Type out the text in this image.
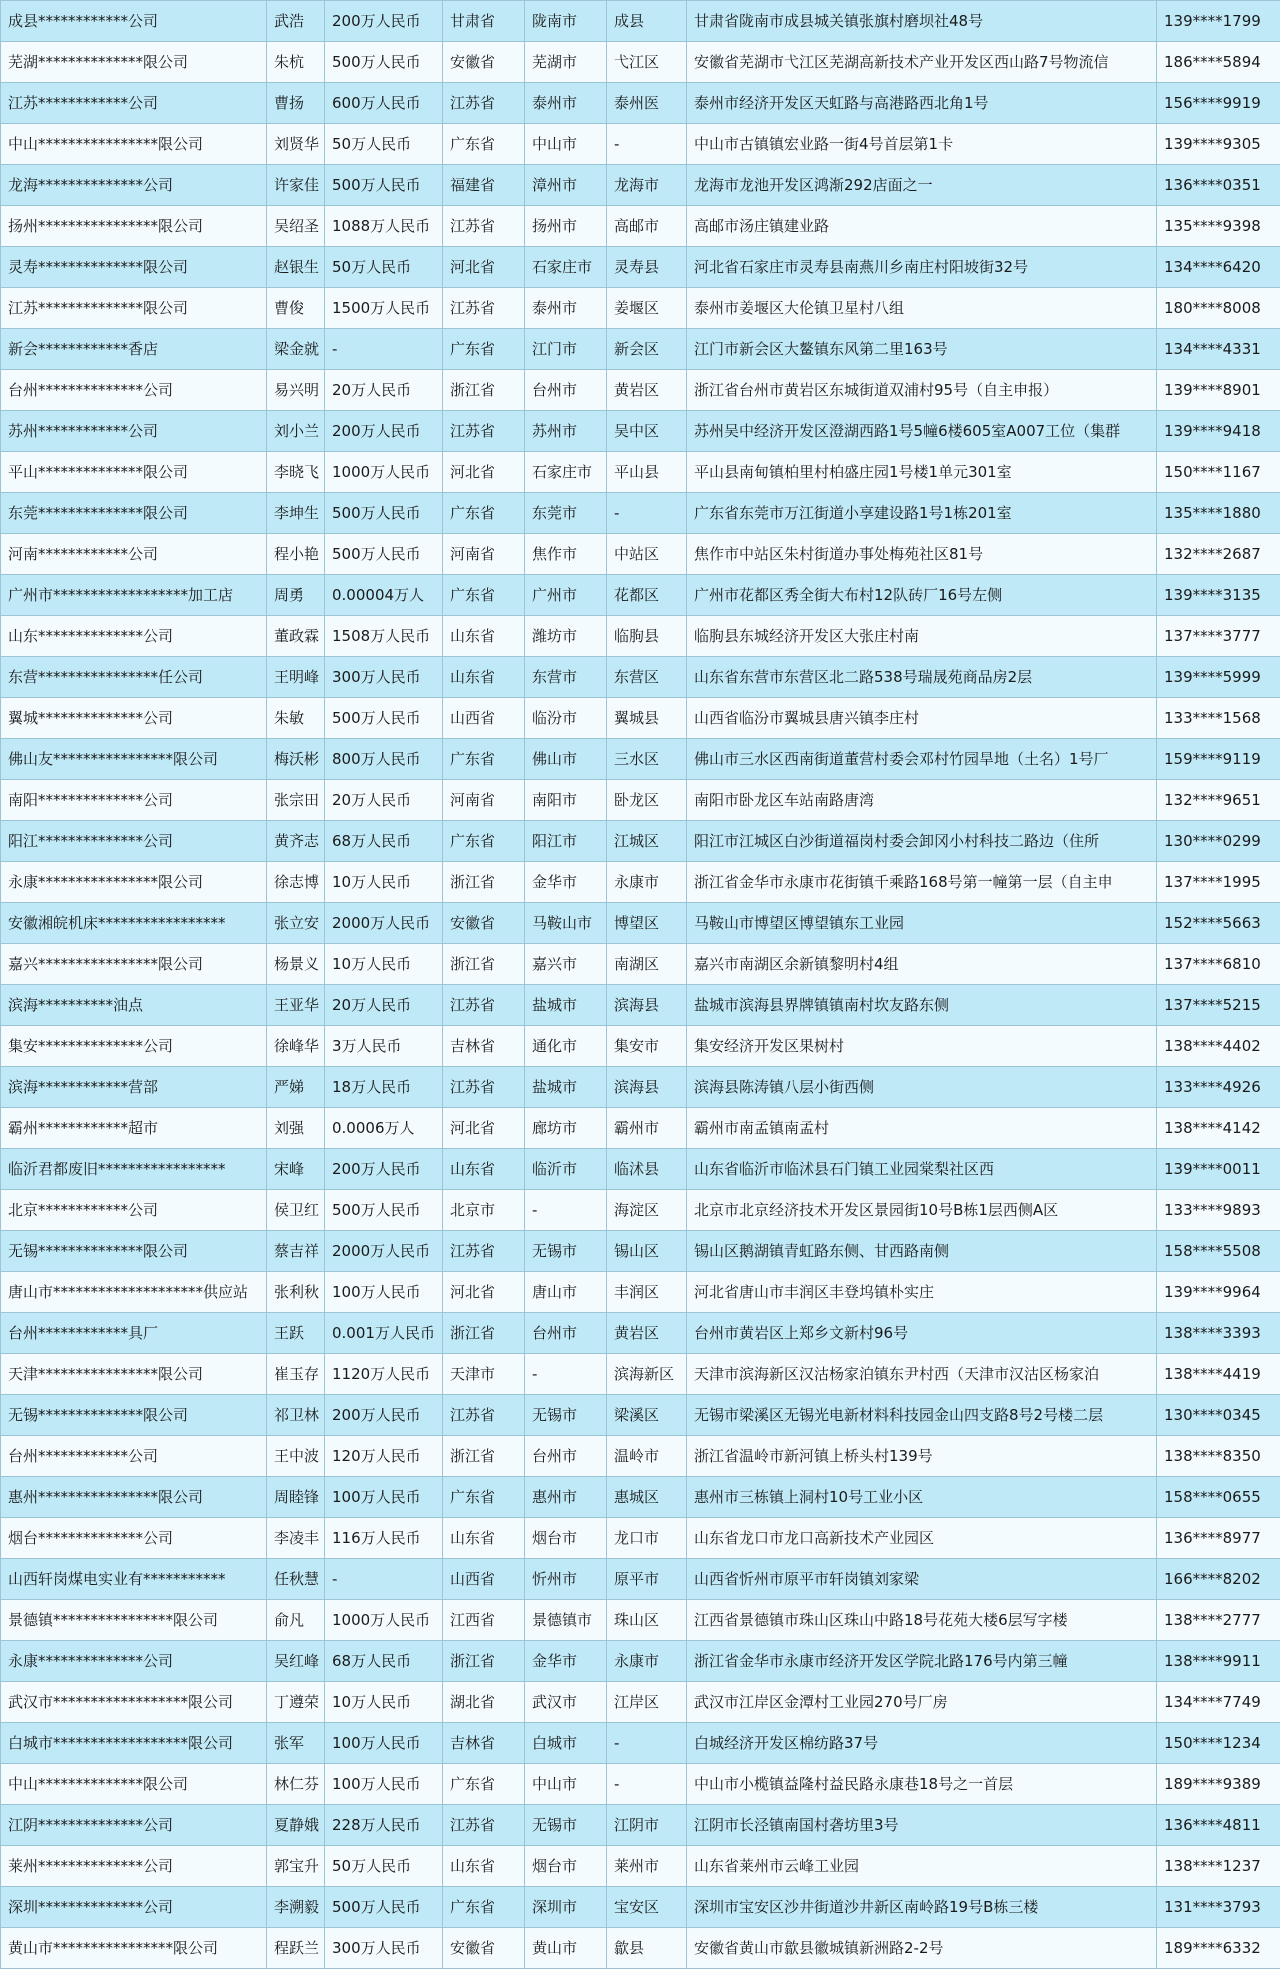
成县************公司	武浩	200万人民币	甘肃省	陇南市	成县	甘肃省陇南市成县城关镇张旗村磨坝社48号	139****1799
芜湖**************限公司	朱杭	500万人民币	安徽省	芜湖市	弋江区	安徽省芜湖市弋江区芜湖高新技术产业开发区西山路7号物流信	186****5894
江苏************公司	曹扬	600万人民币	江苏省	泰州市	泰州医	泰州市经济开发区天虹路与高港路西北角1号	156****9919
中山****************限公司	刘贤华	50万人民币	广东省	中山市	-	中山市古镇镇宏业路一街4号首层第1卡	139****9305
龙海**************公司	许家佳	500万人民币	福建省	漳州市	龙海市	龙海市龙池开发区鸿渐292店面之一	136****0351
扬州****************限公司	吴绍圣	1088万人民币	江苏省	扬州市	高邮市	高邮市汤庄镇建业路	135****9398
灵寿**************限公司	赵银生	50万人民币	河北省	石家庄市	灵寿县	河北省石家庄市灵寿县南燕川乡南庄村阳坡街32号	134****6420
江苏**************限公司	曹俊	1500万人民币	江苏省	泰州市	姜堰区	泰州市姜堰区大伦镇卫星村八组	180****8008
新会************香店	梁金就	-	广东省	江门市	新会区	江门市新会区大鳌镇东风第二里163号	134****4331
台州**************公司	易兴明	20万人民币	浙江省	台州市	黄岩区	浙江省台州市黄岩区东城街道双浦村95号（自主申报）	139****8901
苏州************公司	刘小兰	200万人民币	江苏省	苏州市	吴中区	苏州吴中经济开发区澄湖西路1号5幢6楼605室A007工位（集群	139****9418
平山**************限公司	李晓飞	1000万人民币	河北省	石家庄市	平山县	平山县南甸镇柏里村柏盛庄园1号楼1单元301室	150****1167
东莞**************限公司	李坤生	500万人民币	广东省	东莞市	-	广东省东莞市万江街道小享建设路1号1栋201室	135****1880
河南************公司	程小艳	500万人民币	河南省	焦作市	中站区	焦作市中站区朱村街道办事处梅苑社区81号	132****2687
广州市******************加工店	周勇	0.00004万人	广东省	广州市	花都区	广州市花都区秀全街大布村12队砖厂16号左侧	139****3135
山东**************公司	董政霖	1508万人民币	山东省	潍坊市	临朐县	临朐县东城经济开发区大张庄村南	137****3777
东营****************任公司	王明峰	300万人民币	山东省	东营市	东营区	山东省东营市东营区北二路538号瑞晟苑商品房2层	139****5999
翼城**************公司	朱敏	500万人民币	山西省	临汾市	翼城县	山西省临汾市翼城县唐兴镇李庄村	133****1568
佛山友****************限公司	梅沃彬	800万人民币	广东省	佛山市	三水区	佛山市三水区西南街道董营村委会邓村竹园旱地（土名）1号厂	159****9119
南阳**************公司	张宗田	20万人民币	河南省	南阳市	卧龙区	南阳市卧龙区车站南路唐湾	132****9651
阳江**************公司	黄齐志	68万人民币	广东省	阳江市	江城区	阳江市江城区白沙街道福岗村委会卸冈小村科技二路边（住所	130****0299
永康****************限公司	徐志博	10万人民币	浙江省	金华市	永康市	浙江省金华市永康市花街镇千乘路168号第一幢第一层（自主申	137****1995
安徽湘皖机床*****************	张立安	2000万人民币	安徽省	马鞍山市	博望区	马鞍山市博望区博望镇东工业园	152****5663
嘉兴****************限公司	杨景义	10万人民币	浙江省	嘉兴市	南湖区	嘉兴市南湖区余新镇黎明村4组	137****6810
滨海**********油点	王亚华	20万人民币	江苏省	盐城市	滨海县	盐城市滨海县界牌镇镇南村坎友路东侧	137****5215
集安**************公司	徐峰华	3万人民币	吉林省	通化市	集安市	集安经济开发区果树村	138****4402
滨海************营部	严娣	18万人民币	江苏省	盐城市	滨海县	滨海县陈涛镇八层小街西侧	133****4926
霸州************超市	刘强	0.0006万人	河北省	廊坊市	霸州市	霸州市南孟镇南孟村	138****4142
临沂君都废旧*****************	宋峰	200万人民币	山东省	临沂市	临沭县	山东省临沂市临沭县石门镇工业园棠梨社区西	139****0011
北京************公司	侯卫红	500万人民币	北京市	-	海淀区	北京市北京经济技术开发区景园街10号B栋1层西侧A区	133****9893
无锡**************限公司	蔡吉祥	2000万人民币	江苏省	无锡市	锡山区	锡山区鹅湖镇青虹路东侧、甘西路南侧	158****5508
唐山市********************供应站	张利秋	100万人民币	河北省	唐山市	丰润区	河北省唐山市丰润区丰登坞镇朴实庄	139****9964
台州************具厂	王跃	0.001万人民币	浙江省	台州市	黄岩区	台州市黄岩区上郑乡文新村96号	138****3393
天津****************限公司	崔玉存	1120万人民币	天津市	-	滨海新区	天津市滨海新区汉沽杨家泊镇东尹村西（天津市汉沽区杨家泊	138****4419
无锡**************限公司	祁卫林	200万人民币	江苏省	无锡市	梁溪区	无锡市梁溪区无锡光电新材料科技园金山四支路8号2号楼二层	130****0345
台州************公司	王中波	120万人民币	浙江省	台州市	温岭市	浙江省温岭市新河镇上桥头村139号	138****8350
惠州****************限公司	周睦锋	100万人民币	广东省	惠州市	惠城区	惠州市三栋镇上洞村10号工业小区	158****0655
烟台**************公司	李凌丰	116万人民币	山东省	烟台市	龙口市	山东省龙口市龙口高新技术产业园区	136****8977
山西轩岗煤电实业有***********	任秋慧	-	山西省	忻州市	原平市	山西省忻州市原平市轩岗镇刘家梁	166****8202
景德镇****************限公司	俞凡	1000万人民币	江西省	景德镇市	珠山区	江西省景德镇市珠山区珠山中路18号花苑大楼6层写字楼	138****2777
永康**************公司	吴红峰	68万人民币	浙江省	金华市	永康市	浙江省金华市永康市经济开发区学院北路176号内第三幢	138****9911
武汉市******************限公司	丁遵荣	10万人民币	湖北省	武汉市	江岸区	武汉市江岸区金潭村工业园270号厂房	134****7749
白城市******************限公司	张军	100万人民币	吉林省	白城市	-	白城经济开发区棉纺路37号	150****1234
中山**************限公司	林仁芬	100万人民币	广东省	中山市	-	中山市小榄镇益隆村益民路永康巷18号之一首层	189****9389
江阴**************公司	夏静娥	228万人民币	江苏省	无锡市	江阴市	江阴市长泾镇南国村砻坊里3号	136****4811
莱州**************公司	郭宝升	50万人民币	山东省	烟台市	莱州市	山东省莱州市云峰工业园	138****1237
深圳**************公司	李溯毅	500万人民币	广东省	深圳市	宝安区	深圳市宝安区沙井街道沙井新区南岭路19号B栋三楼	131****3793
黄山市****************限公司	程跃兰	300万人民币	安徽省	黄山市	歙县	安徽省黄山市歙县徽城镇新洲路2-2号	189****6332
